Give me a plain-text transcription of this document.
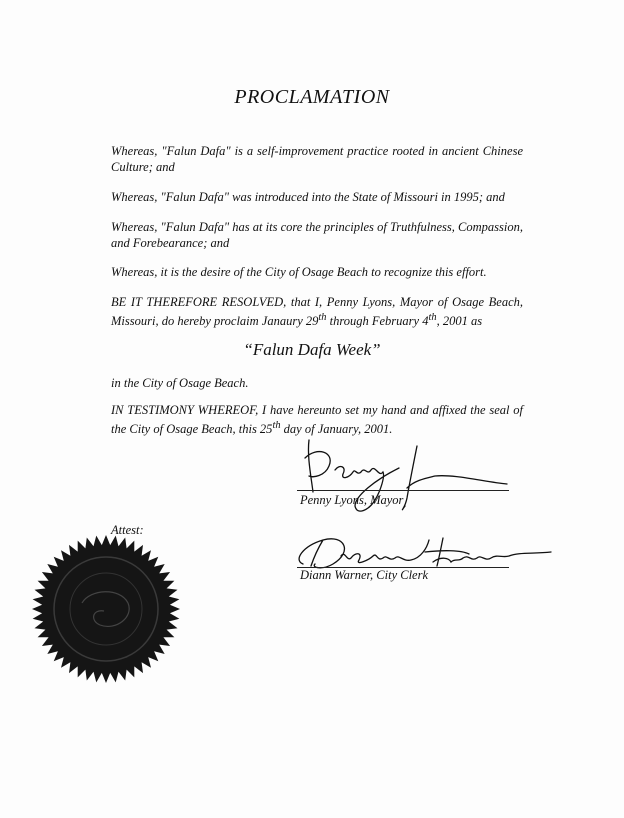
PROCLAMATION
Whereas, "Falun Dafa" is a self-improvement practice rooted in ancient Chinese Culture; and
Whereas, "Falun Dafa" was introduced into the State of Missouri in 1995; and
Whereas, "Falun Dafa" has at its core the principles of Truthfulness, Compassion, and Forebearance; and
Whereas, it is the desire of the City of Osage Beach to recognize this effort.
BE IT THEREFORE RESOLVED, that I, Penny Lyons, Mayor of Osage Beach, Missouri, do hereby proclaim Janaury 29th through February 4th, 2001 as
“Falun Dafa Week”
in the City of Osage Beach.
IN TESTIMONY WHEREOF, I have hereunto set my hand and affixed the seal of the City of Osage Beach, this 25th day of January, 2001.
Penny Lyons, Mayor
Attest:
Diann Warner, City Clerk
